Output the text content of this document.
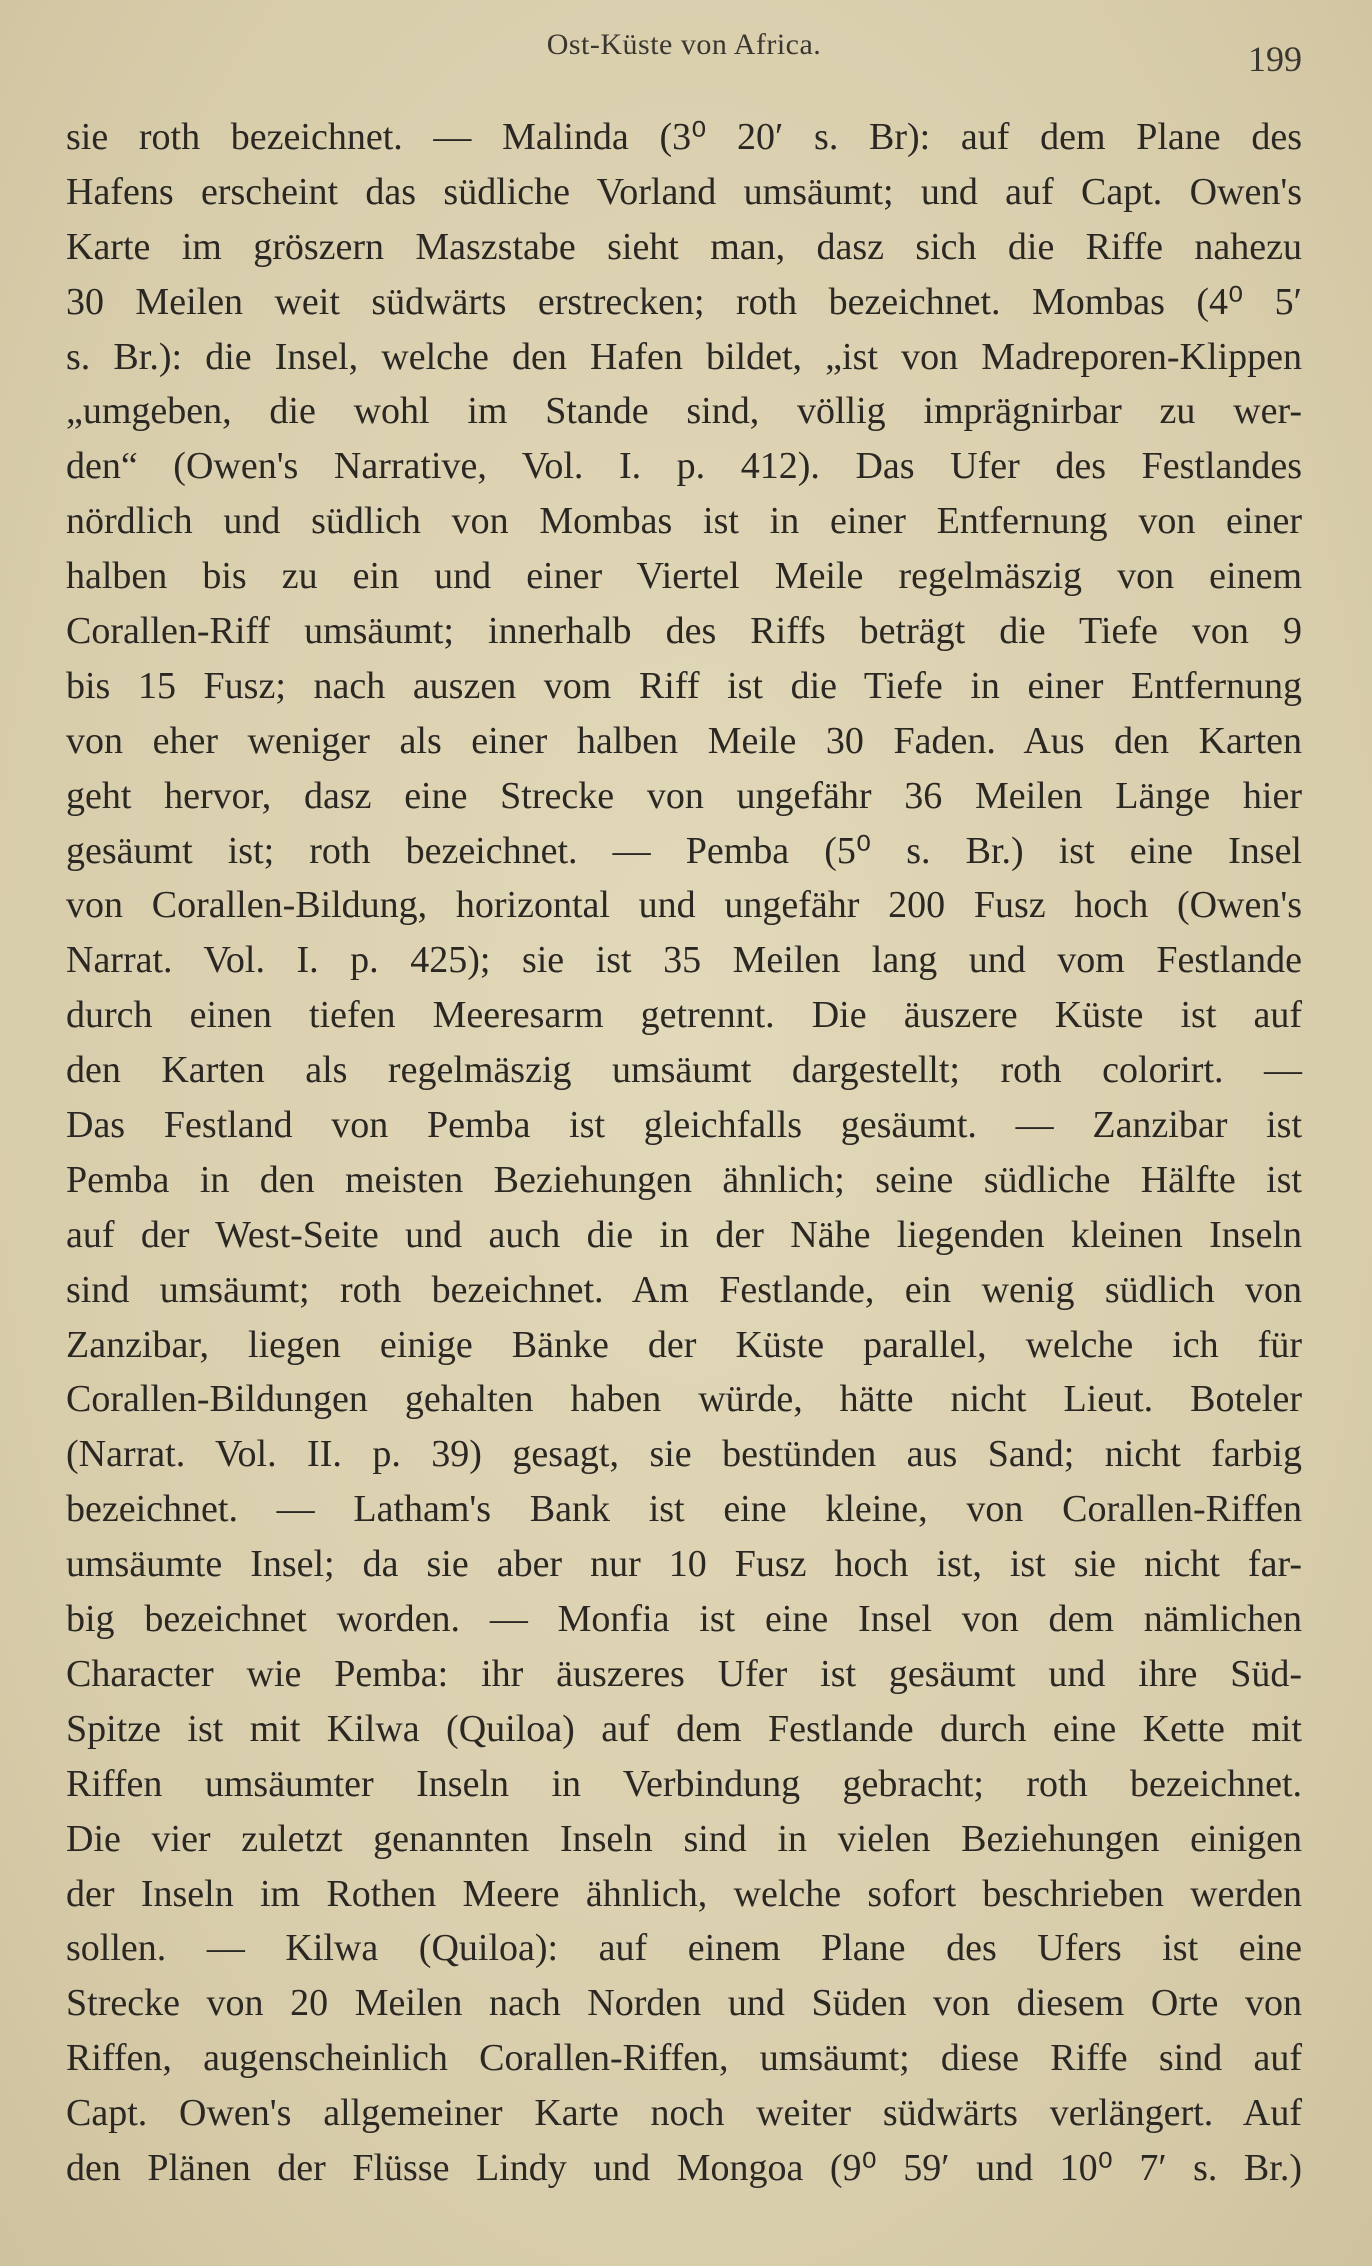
Ost-Küste von Africa.	199
sie roth bezeichnet. — Malinda (3⁰ 20′ s. Br): auf dem Plane des
Hafens erscheint das südliche Vorland umsäumt; und auf Capt. Owen's
Karte im gröszern Maszstabe sieht man, dasz sich die Riffe nahezu
30 Meilen weit südwärts erstrecken; roth bezeichnet. Mombas (4⁰ 5′
s. Br.): die Insel, welche den Hafen bildet, „ist von Madreporen-Klippen
„umgeben, die wohl im Stande sind, völlig imprägnirbar zu wer-
den“ (Owen's Narrative, Vol. I. p. 412). Das Ufer des Festlandes
nördlich und südlich von Mombas ist in einer Entfernung von einer
halben bis zu ein und einer Viertel Meile regelmäszig von einem
Corallen-Riff umsäumt; innerhalb des Riffs beträgt die Tiefe von 9
bis 15 Fusz; nach auszen vom Riff ist die Tiefe in einer Entfernung
von eher weniger als einer halben Meile 30 Faden. Aus den Karten
geht hervor, dasz eine Strecke von ungefähr 36 Meilen Länge hier
gesäumt ist; roth bezeichnet. — Pemba (5⁰ s. Br.) ist eine Insel
von Corallen-Bildung, horizontal und ungefähr 200 Fusz hoch (Owen's
Narrat. Vol. I. p. 425); sie ist 35 Meilen lang und vom Festlande
durch einen tiefen Meeresarm getrennt. Die äuszere Küste ist auf
den Karten als regelmäszig umsäumt dargestellt; roth colorirt. —
Das Festland von Pemba ist gleichfalls gesäumt. — Zanzibar ist
Pemba in den meisten Beziehungen ähnlich; seine südliche Hälfte ist
auf der West-Seite und auch die in der Nähe liegenden kleinen Inseln
sind umsäumt; roth bezeichnet. Am Festlande, ein wenig südlich von
Zanzibar, liegen einige Bänke der Küste parallel, welche ich für
Corallen-Bildungen gehalten haben würde, hätte nicht Lieut. Boteler
(Narrat. Vol. II. p. 39) gesagt, sie bestünden aus Sand; nicht farbig
bezeichnet. — Latham's Bank ist eine kleine, von Corallen-Riffen
umsäumte Insel; da sie aber nur 10 Fusz hoch ist, ist sie nicht far-
big bezeichnet worden. — Monfia ist eine Insel von dem nämlichen
Character wie Pemba: ihr äuszeres Ufer ist gesäumt und ihre Süd-
Spitze ist mit Kilwa (Quiloa) auf dem Festlande durch eine Kette mit
Riffen umsäumter Inseln in Verbindung gebracht; roth bezeichnet.
Die vier zuletzt genannten Inseln sind in vielen Beziehungen einigen
der Inseln im Rothen Meere ähnlich, welche sofort beschrieben werden
sollen. — Kilwa (Quiloa): auf einem Plane des Ufers ist eine
Strecke von 20 Meilen nach Norden und Süden von diesem Orte von
Riffen, augenscheinlich Corallen-Riffen, umsäumt; diese Riffe sind auf
Capt. Owen's allgemeiner Karte noch weiter südwärts verlängert. Auf
den Plänen der Flüsse Lindy und Mongoa (9⁰ 59′ und 10⁰ 7′ s. Br.)
